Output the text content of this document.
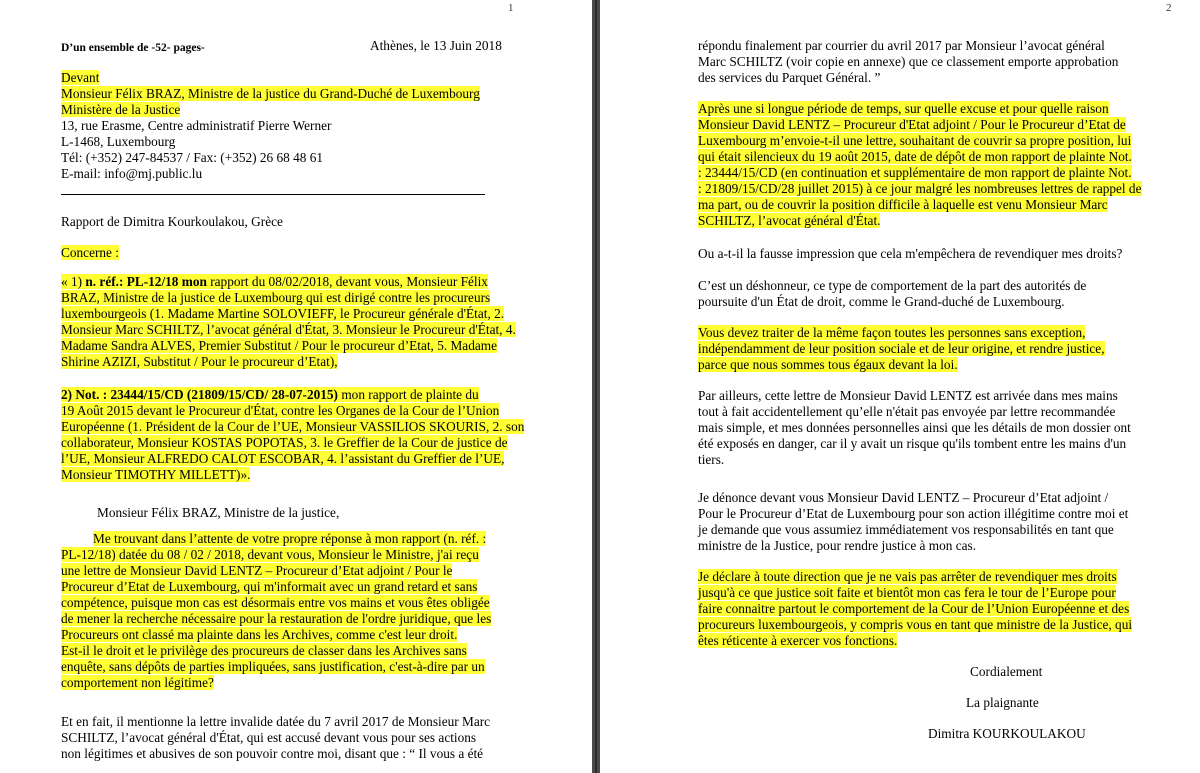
1
D’un ensemble de -52- pages-	Athènes, le 13 Juin 2018
Devant
Monsieur Félix BRAZ, Ministre de la justice du Grand-Duché de Luxembourg
Ministère de la Justice
13, rue Erasme, Centre administratif Pierre Werner
L-1468, Luxembourg
Tél: (+352) 247-84537 / Fax: (+352) 26 68 48 61
E-mail: info@mj.public.lu
Rapport de Dimitra Kourkoulakou, Grèce
Concerne :
« 1) n. réf.: PL-12/18 mon rapport du 08/02/2018, devant vous, Monsieur Félix
BRAZ, Ministre de la justice de Luxembourg qui est dirigé contre les procureurs
luxembourgeois (1. Madame Martine SOLOVIEFF, le Procureur générale d'État, 2.
Monsieur Marc SCHILTZ, l’avocat général d'État, 3. Monsieur le Procureur d'État, 4.
Madame Sandra ALVES, Premier Substitut / Pour le procureur d’Etat, 5. Madame
Shirine AZIZI, Substitut / Pour le procureur d’Etat),
2) Not. : 23444/15/CD (21809/15/CD/ 28-07-2015) mon rapport de plainte du
19 Août 2015 devant le Procureur d'État, contre les Organes de la Cour de l’Union
Européenne (1. Président de la Cour de l’UE, Monsieur VASSILIOS SKOURIS, 2. son
collaborateur, Monsieur KOSTAS POPOTAS, 3. le Greffier de la Cour de justice de
l’UE, Monsieur ALFREDO CALOT ESCOBAR, 4. l’assistant du Greffier de l’UE,
Monsieur TIMOTHY MILLETT)».
Monsieur Félix BRAZ, Ministre de la justice,
Me trouvant dans l’attente de votre propre réponse à mon rapport (n. réf. :
PL-12/18) datée du 08 / 02 / 2018, devant vous, Monsieur le Ministre, j'ai reçu
une lettre de Monsieur David LENTZ – Procureur d’Etat adjoint / Pour le
Procureur d’Etat de Luxembourg, qui m'informait avec un grand retard et sans
compétence, puisque mon cas est désormais entre vos mains et vous êtes obligée
de mener la recherche nécessaire pour la restauration de l'ordre juridique, que les
Procureurs ont classé ma plainte dans les Archives, comme c'est leur droit.
Est-il le droit et le privilège des procureurs de classer dans les Archives sans
enquête, sans dépôts de parties impliquées, sans justification, c'est-à-dire par un
comportement non légitime?
Et en fait, il mentionne la lettre invalide datée du 7 avril 2017 de Monsieur Marc
SCHILTZ, l’avocat général d'État, qui est accusé devant vous pour ses actions
non légitimes et abusives de son pouvoir contre moi, disant que : “ Il vous a été
2
répondu finalement par courrier du avril 2017 par Monsieur l’avocat général
Marc SCHILTZ (voir copie en annexe) que ce classement emporte approbation
des services du Parquet Général. ”
Après une si longue période de temps, sur quelle excuse et pour quelle raison
Monsieur David LENTZ – Procureur d'Etat adjoint / Pour le Procureur d’Etat de
Luxembourg m’envoie-t-il une lettre, souhaitant de couvrir sa propre position, lui
qui était silencieux du 19 août 2015, date de dépôt de mon rapport de plainte Not.
: 23444/15/CD (en continuation et supplémentaire de mon rapport de plainte Not.
: 21809/15/CD/28 juillet 2015) à ce jour malgré les nombreuses lettres de rappel de
ma part, ou de couvrir la position difficile à laquelle est venu Monsieur Marc
SCHILTZ, l’avocat général d'État.
Ou a-t-il la fausse impression que cela m'empêchera de revendiquer mes droits?
C’est un déshonneur, ce type de comportement de la part des autorités de
poursuite d'un État de droit, comme le Grand-duché de Luxembourg.
Vous devez traiter de la même façon toutes les personnes sans exception,
indépendamment de leur position sociale et de leur origine, et rendre justice,
parce que nous sommes tous égaux devant la loi.
Par ailleurs, cette lettre de Monsieur David LENTZ est arrivée dans mes mains
tout à fait accidentellement qu’elle n'était pas envoyée par lettre recommandée
mais simple, et mes données personnelles ainsi que les détails de mon dossier ont
été exposés en danger, car il y avait un risque qu'ils tombent entre les mains d'un
tiers.
Je dénonce devant vous Monsieur David LENTZ – Procureur d’Etat adjoint /
Pour le Procureur d’Etat de Luxembourg pour son action illégitime contre moi et
je demande que vous assumiez immédiatement vos responsabilités en tant que
ministre de la Justice, pour rendre justice à mon cas.
Je déclare à toute direction que je ne vais pas arrêter de revendiquer mes droits
jusqu'à ce que justice soit faite et bientôt mon cas fera le tour de l’Europe pour
faire connaitre partout le comportement de la Cour de l’Union Européenne et des
procureurs luxembourgeois, y compris vous en tant que ministre de la Justice, qui
êtes réticente à exercer vos fonctions.
Cordialement
La plaignante
Dimitra KOURKOULAKOU
